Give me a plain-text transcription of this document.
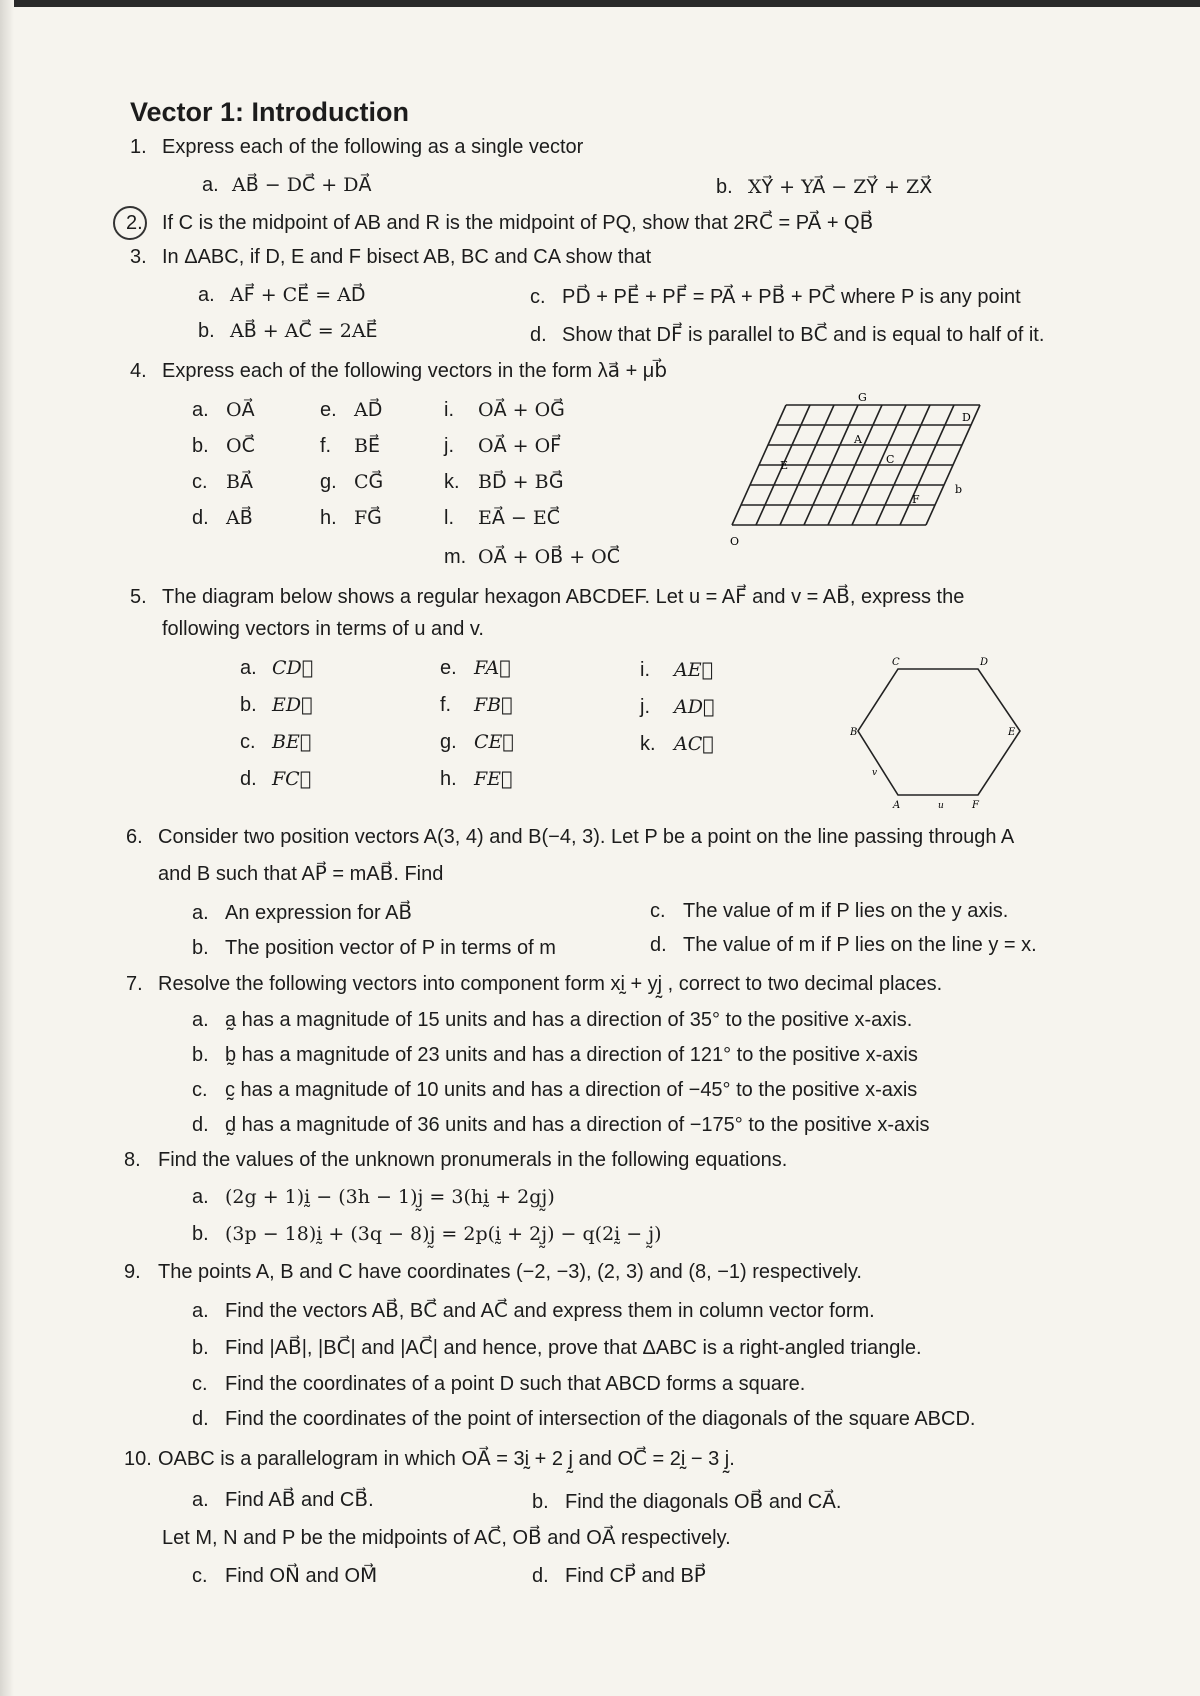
Vector 1: Introduction
1. Express each of the following as a single vector
a. AB⃗ − DC⃗ + DA⃗	b. XY⃗ + YA⃗ − ZY⃗ + ZX⃗
2. If C is the midpoint of AB and R is the midpoint of PQ, show that 2RC⃗ = PA⃗ + QB⃗
3. In ΔABC, if D, E and F bisect AB, BC and CA show that
a. AF⃗ + CE⃗ = AD⃗
b. AB⃗ + AC⃗ = 2AE⃗
c. PD⃗ + PE⃗ + PF⃗ = PA⃗ + PB⃗ + PC⃗ where P is any point
d. Show that DF⃗ is parallel to BC⃗ and is equal to half of it.
4. Express each of the following vectors in the form λa⃗ + μb⃗
a. OA⃗
b. OC⃗
c. BA⃗
d. AB⃗
e. AD⃗
f. BE⃗
g. CG⃗
h. FG⃗
i. OA⃗ + OG⃗
j. OA⃗ + OF⃗
k. BD⃗ + BG⃗
l. EA⃗ − EC⃗
m. OA⃗ + OB⃗ + OC⃗
G
D
E
A
C
F
b
O
5. The diagram below shows a regular hexagon ABCDEF. Let u = AF⃗ and v = AB⃗, express the
following vectors in terms of u and v.
a. CD⃗
b. ED⃗
c. BE⃗
d. FC⃗
e. FA⃗
f. FB⃗
g. CE⃗
h. FE⃗
i. AE⃗
j. AD⃗
k. AC⃗
C	D
B	E
A	F
u
v
6. Consider two position vectors A(3, 4) and B(−4, 3). Let P be a point on the line passing through A
and B such that AP⃗ = mAB⃗. Find
a. An expression for AB⃗
b. The position vector of P in terms of m
c. The value of m if P lies on the y axis.
d. The value of m if P lies on the line y = x.
7. Resolve the following vectors into component form xḭ + yj̰ , correct to two decimal places.
a. a̰ has a magnitude of 15 units and has a direction of 35° to the positive x-axis.
b. b̰ has a magnitude of 23 units and has a direction of 121° to the positive x-axis
c. c̰ has a magnitude of 10 units and has a direction of −45° to the positive x-axis
d. d̰ has a magnitude of 36 units and has a direction of −175° to the positive x-axis
8. Find the values of the unknown pronumerals in the following equations.
a. (2g + 1)ḭ − (3h − 1)j̰ = 3(hḭ + 2gj̰)
b. (3p − 18)ḭ + (3q − 8)j̰ = 2p(ḭ + 2j̰) − q(2ḭ − j̰)
9. The points A, B and C have coordinates (−2, −3), (2, 3) and (8, −1) respectively.
a. Find the vectors AB⃗, BC⃗ and AC⃗ and express them in column vector form.
b. Find |AB⃗|, |BC⃗| and |AC⃗| and hence, prove that ΔABC is a right-angled triangle.
c. Find the coordinates of a point D such that ABCD forms a square.
d. Find the coordinates of the point of intersection of the diagonals of the square ABCD.
10. OABC is a parallelogram in which OA⃗ = 3ḭ + 2 j̰ and OC⃗ = 2ḭ − 3 j̰.
a. Find AB⃗ and CB⃗.	b. Find the diagonals OB⃗ and CA⃗.
Let M, N and P be the midpoints of AC⃗, OB⃗ and OA⃗ respectively.
c. Find ON⃗ and OM⃗	d. Find CP⃗ and BP⃗
